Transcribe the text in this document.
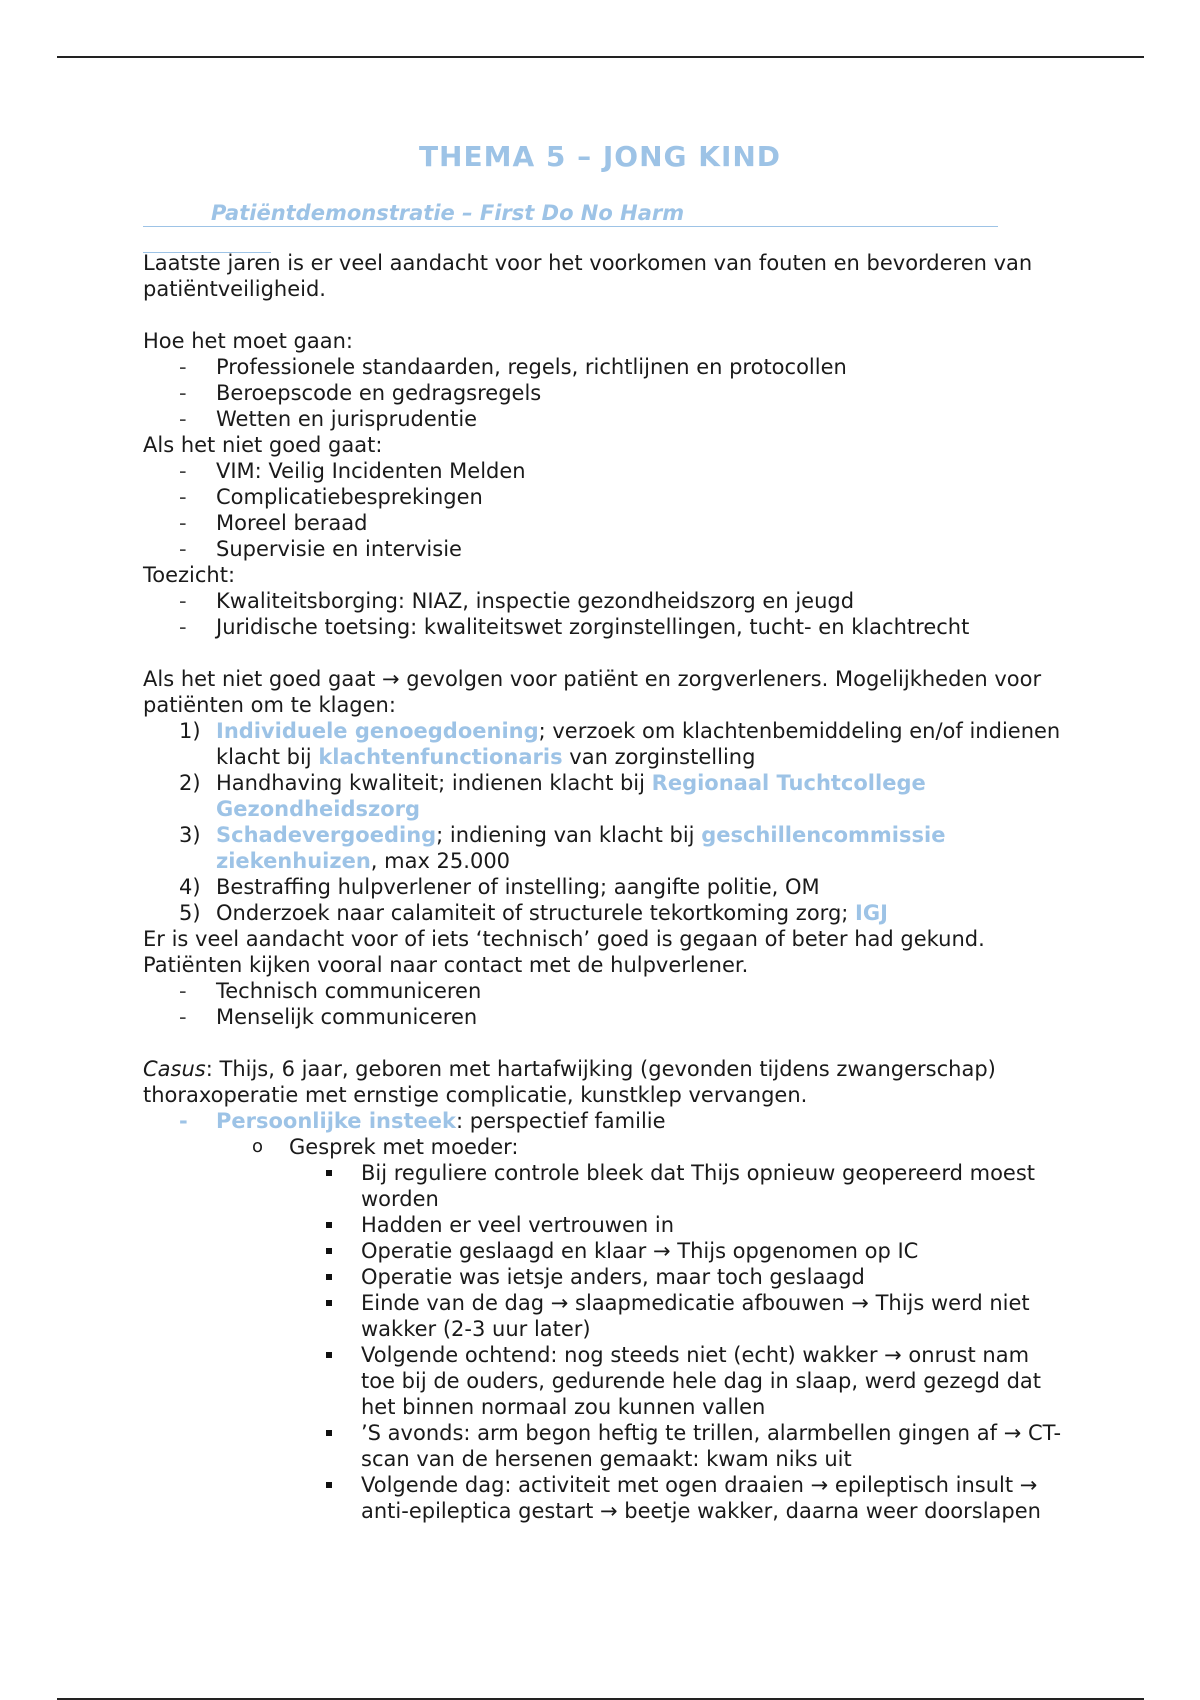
THEMA 5 – JONG KIND
Patiëntdemonstratie – First Do No Harm

Laatste jaren is er veel aandacht voor het voorkomen van fouten en bevorderen van patiëntveiligheid.

Hoe het moet gaan:

- Professionele standaarden, regels, richtlijnen en protocollen
- Beroepscode en gedragsregels
- Wetten en jurisprudentie

Als het niet goed gaat:

- VIM: Veilig Incidenten Melden
- Complicatiebesprekingen
- Moreel beraad
- Supervisie en intervisie

Toezicht:

- Kwaliteitsborging: NIAZ, inspectie gezondheidszorg en jeugd
- Juridische toetsing: kwaliteitswet zorginstellingen, tucht- en klachtrecht

Als het niet goed gaat → gevolgen voor patiënt en zorgverleners. Mogelijkheden voor patiënten om te klagen:

1) Individuele genoegdoening; verzoek om klachtenbemiddeling en/of indienen klacht bij klachtenfunctionaris van zorginstelling
2) Handhaving kwaliteit; indienen klacht bij Regionaal Tuchtcollege Gezondheidszorg
3) Schadevergoeding; indiening van klacht bij geschillencommissie ziekenhuizen, max 25.000
4) Bestraffing hulpverlener of instelling; aangifte politie, OM
5) Onderzoek naar calamiteit of structurele tekortkoming zorg; IGJ

Er is veel aandacht voor of iets ‘technisch’ goed is gegaan of beter had gekund.

Patiënten kijken vooral naar contact met de hulpverlener.

- Technisch communiceren
- Menselijk communiceren

Casus: Thijs, 6 jaar, geboren met hartafwijking (gevonden tijdens zwangerschap) thoraxoperatie met ernstige complicatie, kunstklep vervangen.

- Persoonlijke insteek: perspectief familie
o Gesprek met moeder:
Bij reguliere controle bleek dat Thijs opnieuw geopereerd moest worden
Hadden er veel vertrouwen in
Operatie geslaagd en klaar → Thijs opgenomen op IC
Operatie was ietsje anders, maar toch geslaagd
Einde van de dag → slaapmedicatie afbouwen → Thijs werd niet wakker (2-3 uur later)
Volgende ochtend: nog steeds niet (echt) wakker → onrust nam toe bij de ouders, gedurende hele dag in slaap, werd gezegd dat het binnen normaal zou kunnen vallen
’S avonds: arm begon heftig te trillen, alarmbellen gingen af → CT-scan van de hersenen gemaakt: kwam niks uit
Volgende dag: activiteit met ogen draaien → epileptisch insult → anti-epileptica gestart → beetje wakker, daarna weer doorslapen
